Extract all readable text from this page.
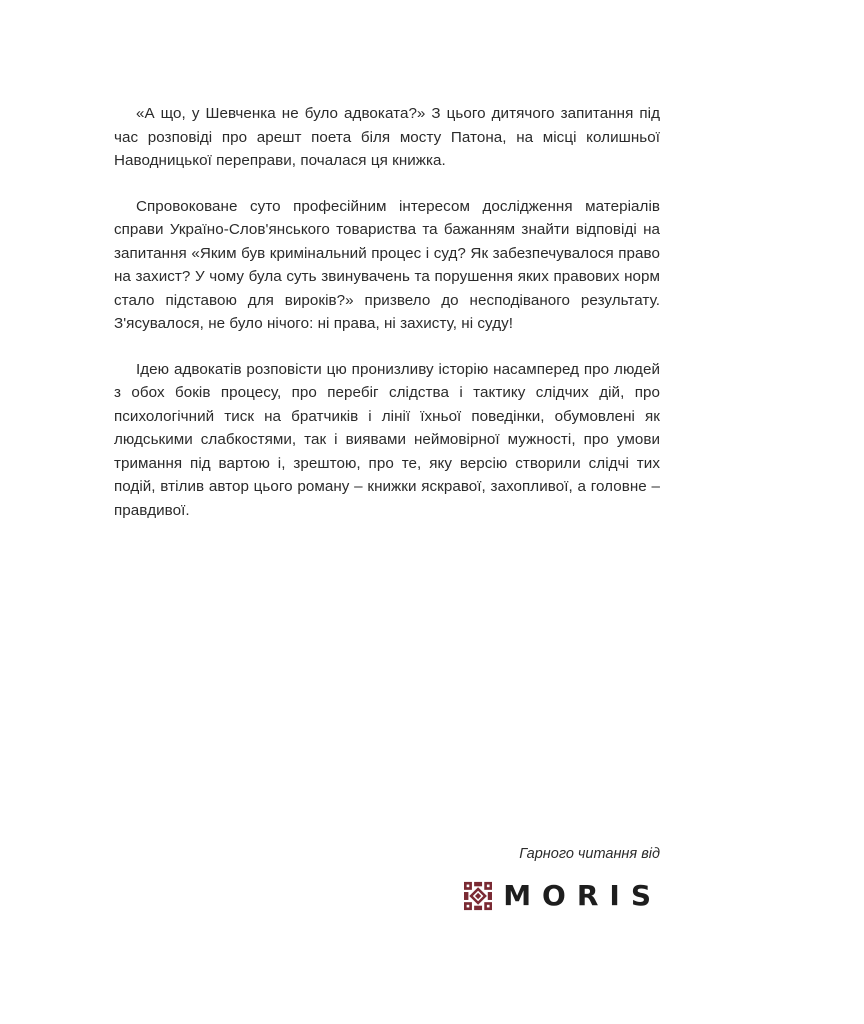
«А що, у Шевченка не було адвоката?» З цього дитячого запитання під час розповіді про арешт поета біля мосту Патона, на місці колишньої Наводницької переправи, почалася ця книжка.

Спровоковане суто професійним інтересом дослідження матеріалів справи Україно-Слов'янського товариства та бажанням знайти відповіді на запитання «Яким був кримінальний процес і суд? Як забезпечувалося право на захист? У чому була суть звинувачень та порушення яких правових норм стало підставою для вироків?» призвело до несподіваного результату. З'ясувалося, не було нічого: ні права, ні захисту, ні суду!

Ідею адвокатів розповісти цю пронизливу історію насамперед про людей з обох боків процесу, про перебіг слідства і тактику слідчих дій, про психологічний тиск на братчиків і лінії їхньої поведінки, обумовлені як людськими слабкостями, так і виявами неймовірної мужності, про умови тримання під вартою і, зрештою, про те, яку версію створили слідчі тих подій, втілив автор цього роману – книжки яскравої, захопливої, а головне – правдивої.

Гарного читання від
MORIS
